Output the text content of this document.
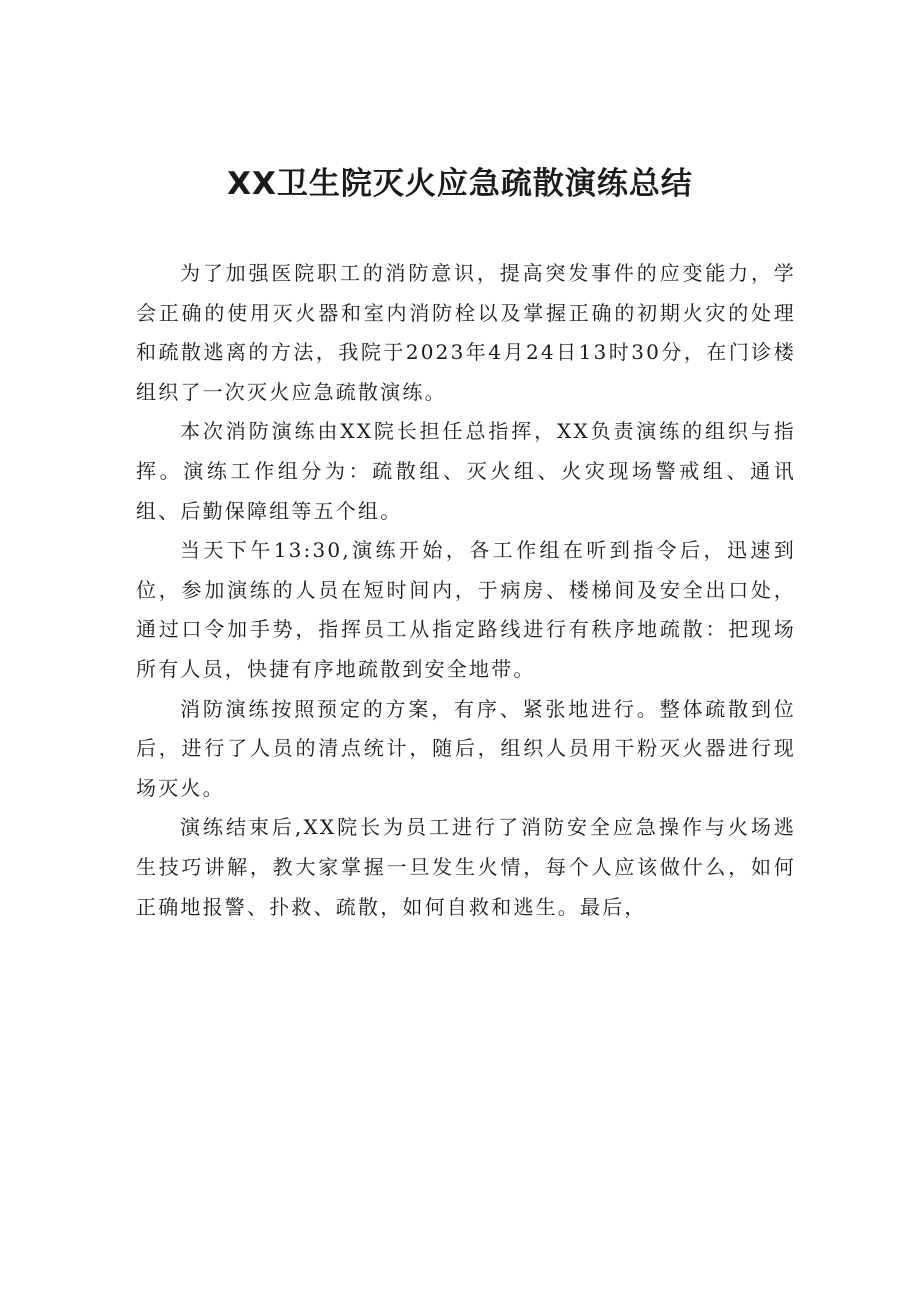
XX卫生院灭火应急疏散演练总结

为了加强医院职工的消防意识，提高突发事件的应变能力，学会正确的使用灭火器和室内消防栓以及掌握正确的初期火灾的处理和疏散逃离的方法，我院于2023年4月24日13时30分，在门诊楼组织了一次灭火应急疏散演练。

本次消防演练由XX院长担任总指挥，XX负责演练的组织与指挥。演练工作组分为：疏散组、灭火组、火灾现场警戒组、通讯组、后勤保障组等五个组。

当天下午13:30,演练开始，各工作组在听到指令后，迅速到位，参加演练的人员在短时间内，于病房、楼梯间及安全出口处，通过口令加手势，指挥员工从指定路线进行有秩序地疏散：把现场所有人员，快捷有序地疏散到安全地带。

消防演练按照预定的方案，有序、紧张地进行。整体疏散到位后，进行了人员的清点统计，随后，组织人员用干粉灭火器进行现场灭火。

演练结束后,XX院长为员工进行了消防安全应急操作与火场逃生技巧讲解，教大家掌握一旦发生火情，每个人应该做什么，如何正确地报警、扑救、疏散，如何自救和逃生。最后，
